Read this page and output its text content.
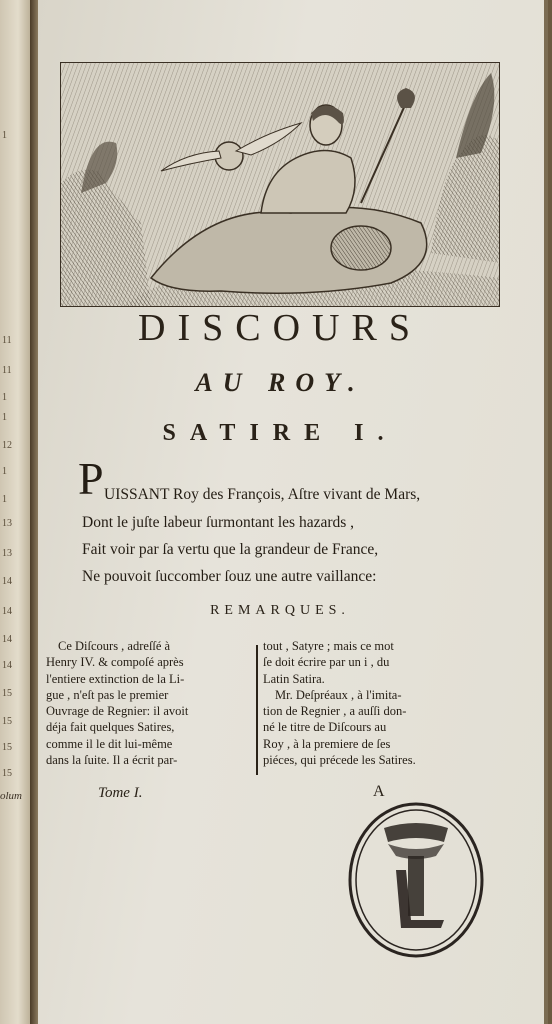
1
11
11
1
1
12
1
1
13
13
14
14
14
14
15
15
15
15
olum
DISCOURS
AU ROY.
SATIRE I.
P UISSANT Roy des François, Aſtre vivant de Mars,
Dont le juſte labeur ſurmontant les hazards ,
Fait voir par ſa vertu que la grandeur de France,
Ne pouvoit ſuccomber ſouz une autre vaillance:
REMARQUES.

Ce Diſcours , adreſſé à

Henry IV. & compoſé après

l'entiere extinction de la Li-

gue , n'eſt pas le premier

Ouvrage de Regnier: il avoit

déja fait quelques Satires,

comme il le dit lui-même

dans la ſuite. Il a écrit par-

tout , Satyre ; mais ce mot

ſe doit écrire par un i , du

Latin Satira.

Mr. Deſpréaux , à l'imita-

tion de Regnier , a auſſi don-

né le titre de Diſcours au

Roy , à la premiere de ſes

piéces, qui précede les Satires.

Tome I.	A
